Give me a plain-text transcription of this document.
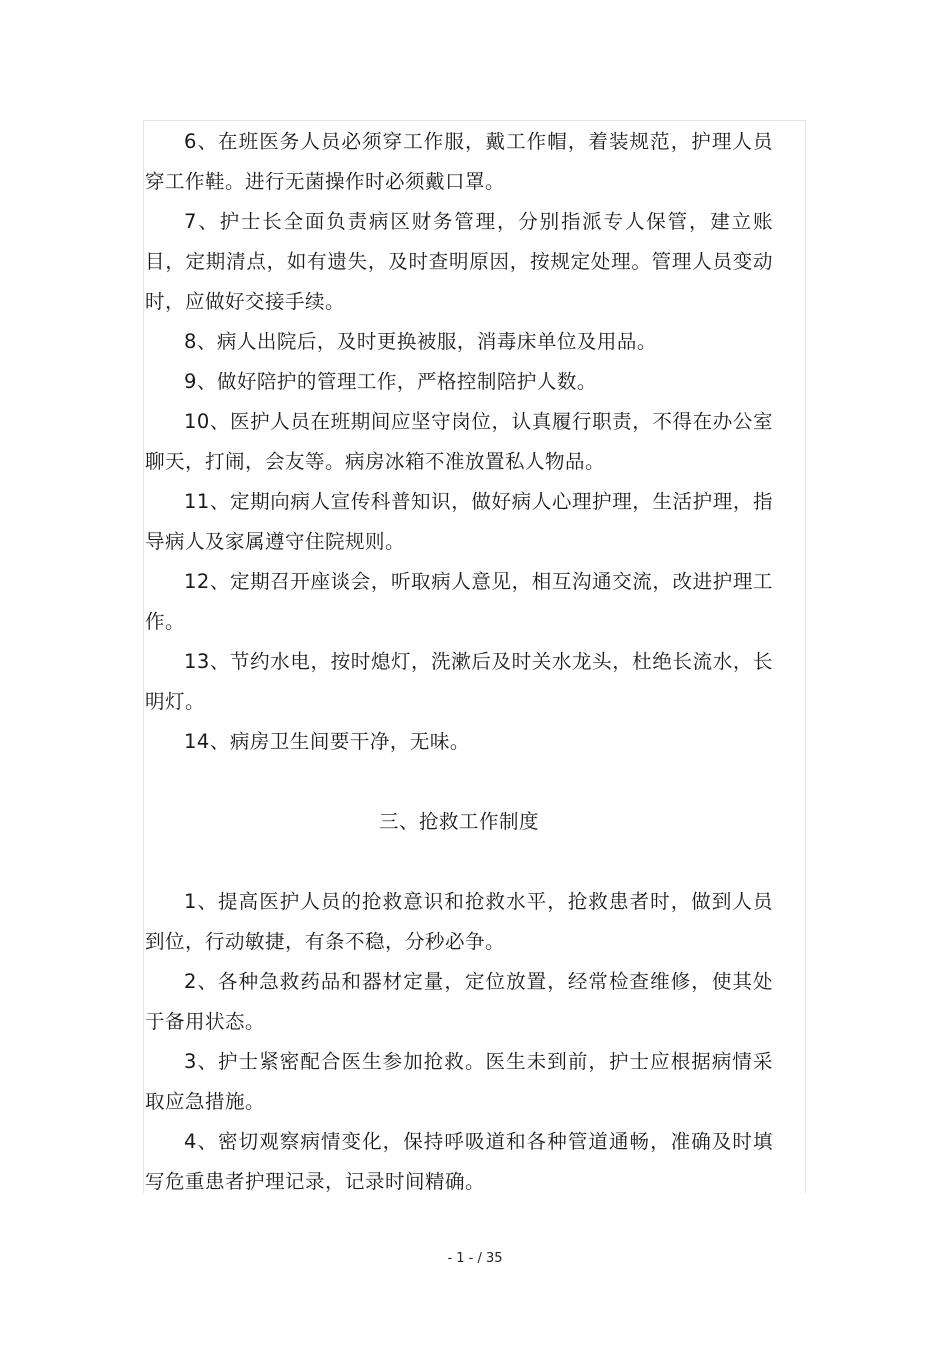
6、在班医务人员必须穿工作服，戴工作帽，着装规范，护理人员穿工作鞋。进行无菌操作时必须戴口罩。

7、护士长全面负责病区财务管理，分别指派专人保管，建立账目，定期清点，如有遗失，及时查明原因，按规定处理。管理人员变动时，应做好交接手续。

8、病人出院后，及时更换被服，消毒床单位及用品。

9、做好陪护的管理工作，严格控制陪护人数。

10、医护人员在班期间应坚守岗位，认真履行职责，不得在办公室聊天，打闹，会友等。病房冰箱不准放置私人物品。

11、定期向病人宣传科普知识，做好病人心理护理，生活护理，指导病人及家属遵守住院规则。

12、定期召开座谈会，听取病人意见，相互沟通交流，改进护理工作。

13、节约水电，按时熄灯，洗漱后及时关水龙头，杜绝长流水，长明灯。

14、病房卫生间要干净，无味。

三、抢救工作制度

1、提高医护人员的抢救意识和抢救水平，抢救患者时，做到人员到位，行动敏捷，有条不稳，分秒必争。

2、各种急救药品和器材定量，定位放置，经常检查维修，使其处于备用状态。

3、护士紧密配合医生参加抢救。医生未到前，护士应根据病情采取应急措施。

4、密切观察病情变化，保持呼吸道和各种管道通畅，准确及时填写危重患者护理记录，记录时间精确。

- 1 - / 35
